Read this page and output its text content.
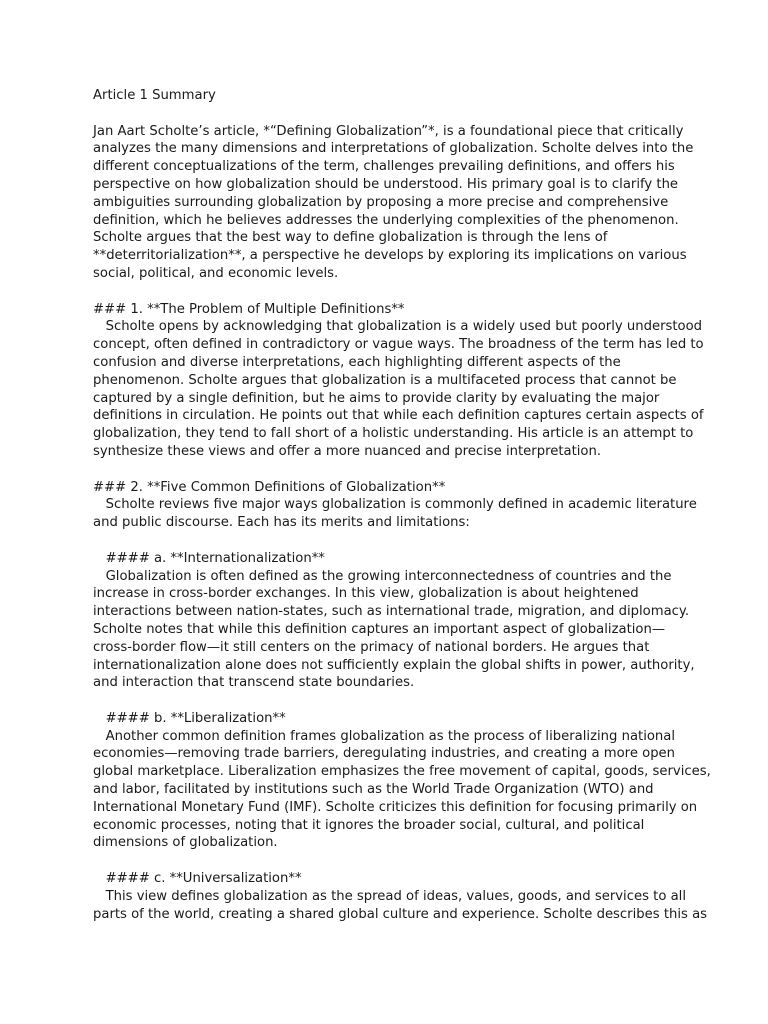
Article 1 Summary
Jan Aart Scholte’s article, *“Defining Globalization”*, is a foundational piece that critically
analyzes the many dimensions and interpretations of globalization. Scholte delves into the
different conceptualizations of the term, challenges prevailing definitions, and offers his
perspective on how globalization should be understood. His primary goal is to clarify the
ambiguities surrounding globalization by proposing a more precise and comprehensive
definition, which he believes addresses the underlying complexities of the phenomenon.
Scholte argues that the best way to define globalization is through the lens of
**deterritorialization**, a perspective he develops by exploring its implications on various
social, political, and economic levels.
### 1. **The Problem of Multiple Definitions**
Scholte opens by acknowledging that globalization is a widely used but poorly understood
concept, often defined in contradictory or vague ways. The broadness of the term has led to
confusion and diverse interpretations, each highlighting different aspects of the
phenomenon. Scholte argues that globalization is a multifaceted process that cannot be
captured by a single definition, but he aims to provide clarity by evaluating the major
definitions in circulation. He points out that while each definition captures certain aspects of
globalization, they tend to fall short of a holistic understanding. His article is an attempt to
synthesize these views and offer a more nuanced and precise interpretation.
### 2. **Five Common Definitions of Globalization**
Scholte reviews five major ways globalization is commonly defined in academic literature
and public discourse. Each has its merits and limitations:
#### a. **Internationalization**
Globalization is often defined as the growing interconnectedness of countries and the
increase in cross-border exchanges. In this view, globalization is about heightened
interactions between nation-states, such as international trade, migration, and diplomacy.
Scholte notes that while this definition captures an important aspect of globalization—
cross-border flow—it still centers on the primacy of national borders. He argues that
internationalization alone does not sufficiently explain the global shifts in power, authority,
and interaction that transcend state boundaries.
#### b. **Liberalization**
Another common definition frames globalization as the process of liberalizing national
economies—removing trade barriers, deregulating industries, and creating a more open
global marketplace. Liberalization emphasizes the free movement of capital, goods, services,
and labor, facilitated by institutions such as the World Trade Organization (WTO) and
International Monetary Fund (IMF). Scholte criticizes this definition for focusing primarily on
economic processes, noting that it ignores the broader social, cultural, and political
dimensions of globalization.
#### c. **Universalization**
This view defines globalization as the spread of ideas, values, goods, and services to all
parts of the world, creating a shared global culture and experience. Scholte describes this as
